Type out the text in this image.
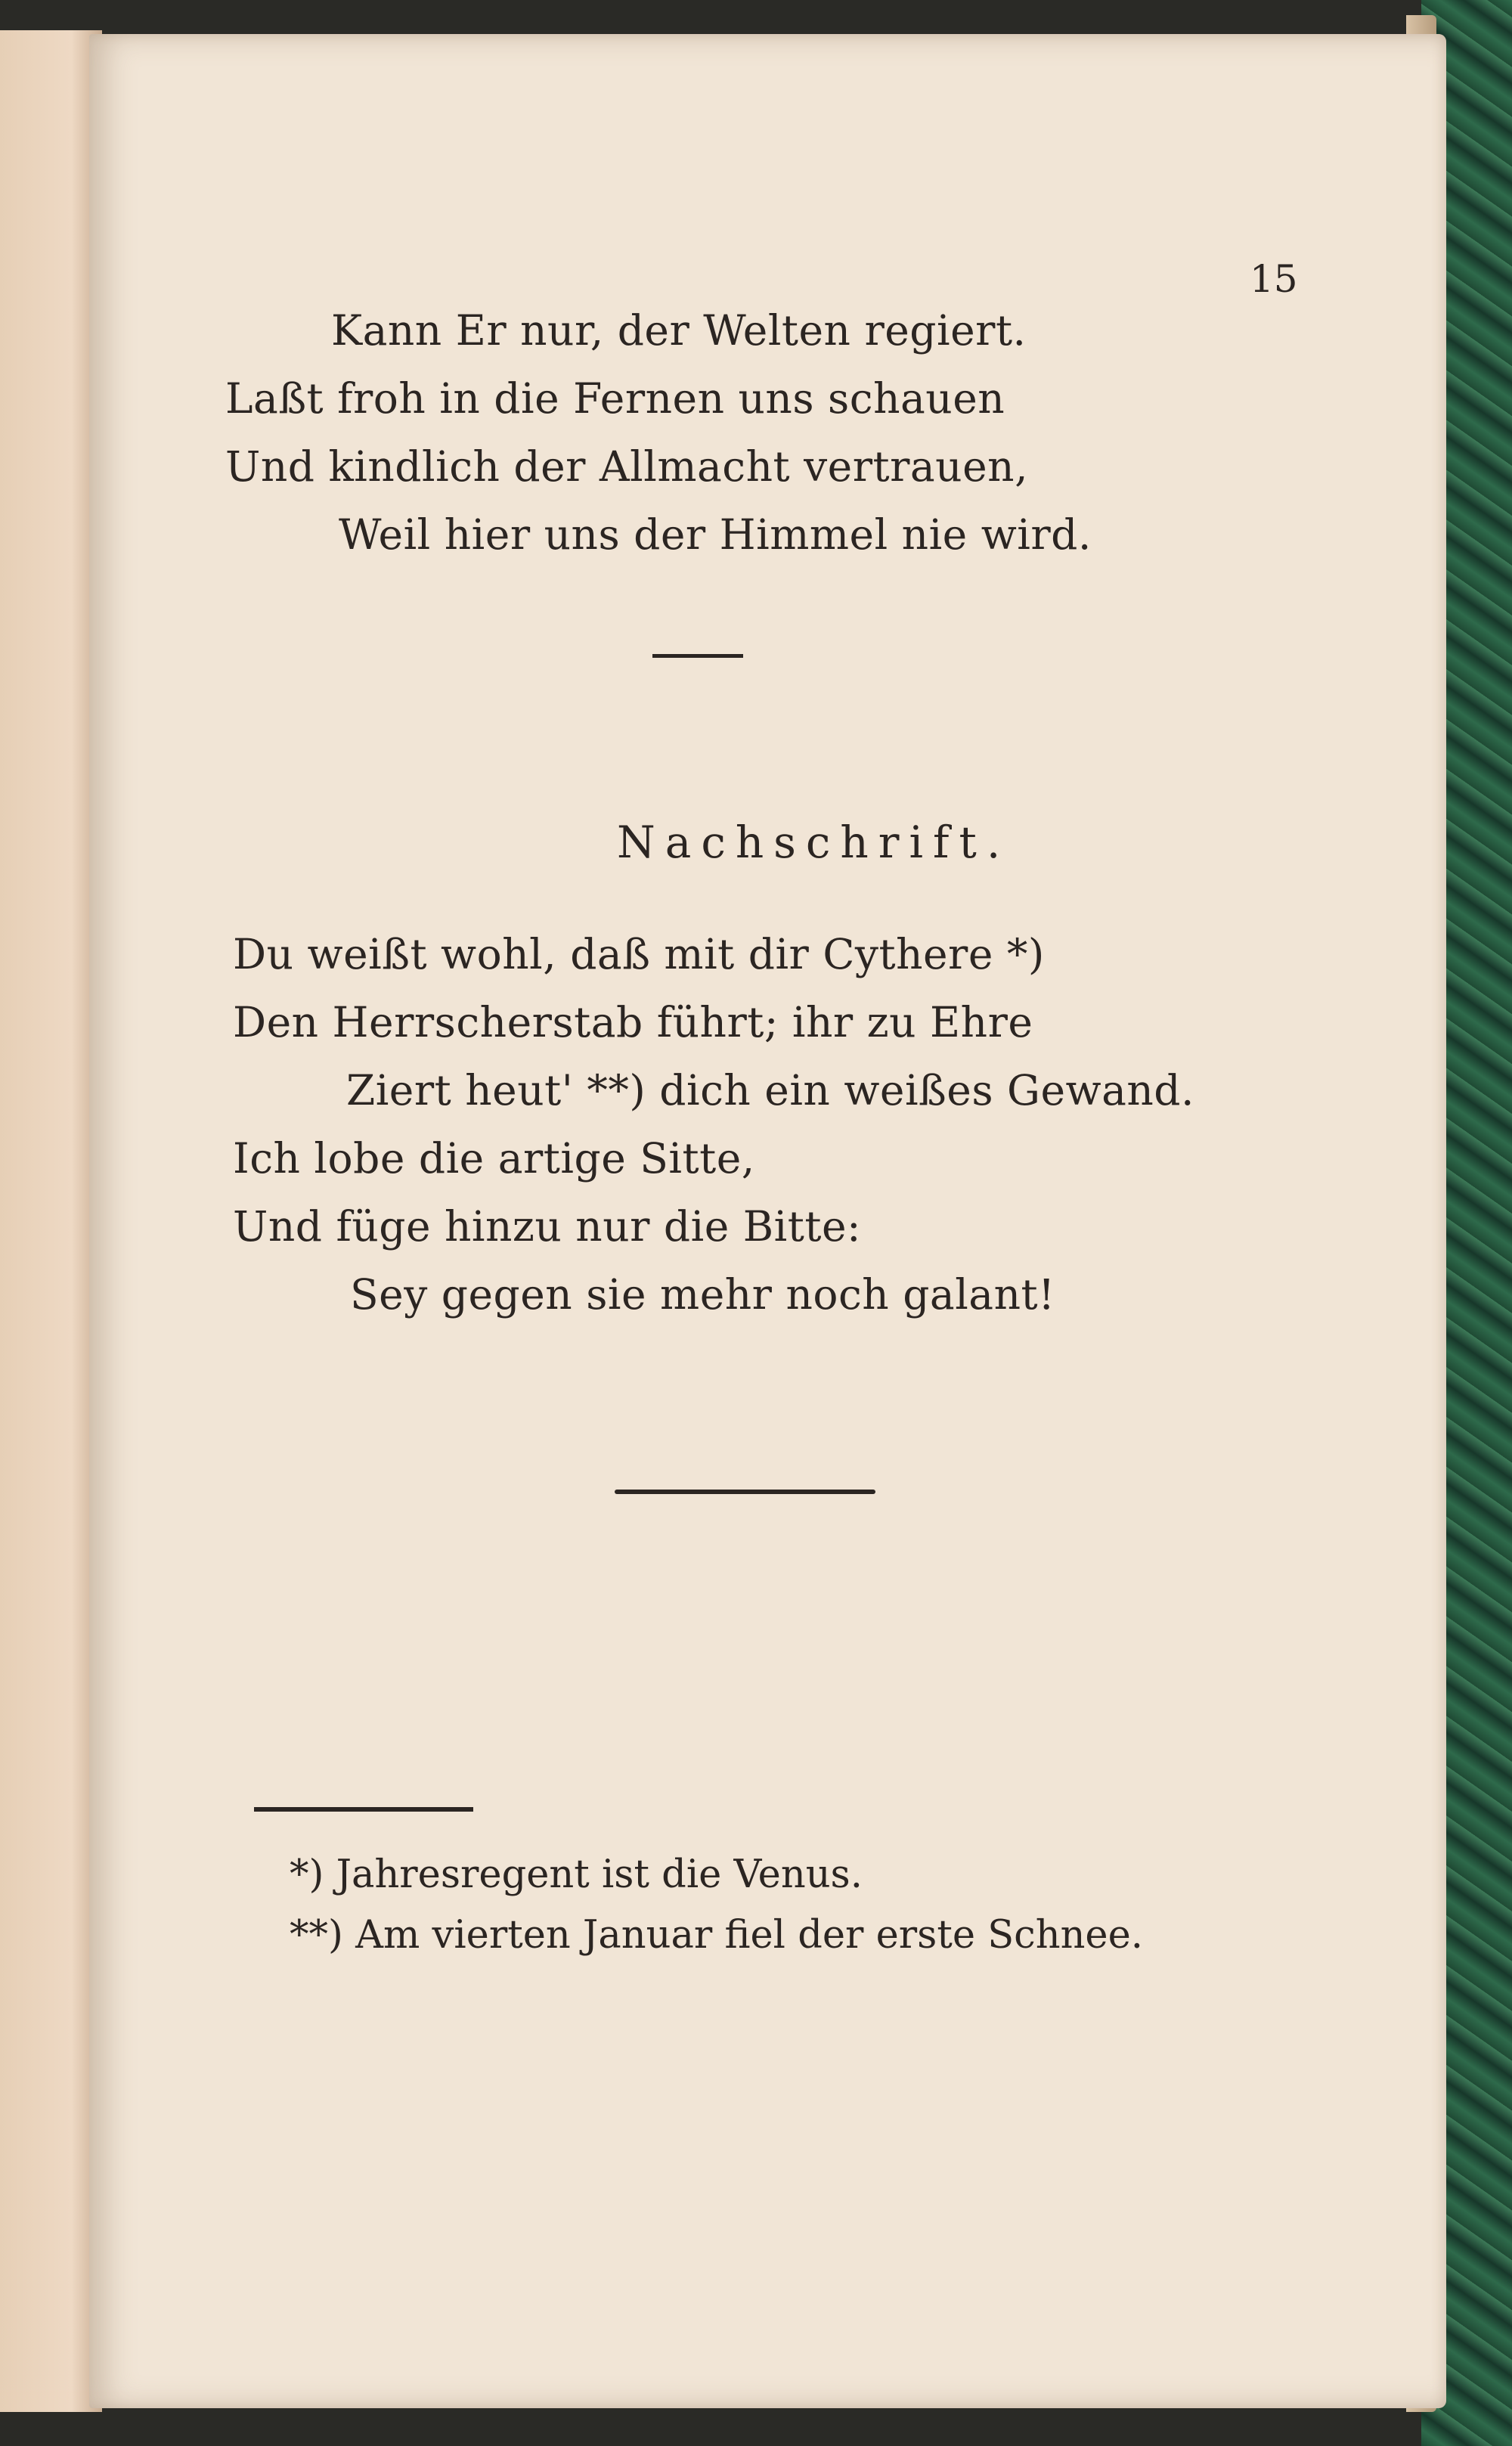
15
Kann Er nur, der Welten regiert.
Laßt froh in die Fernen uns schauen
Und kindlich der Allmacht vertrauen,
Weil hier uns der Himmel nie wird.
Nachschrift.
Du weißt wohl, daß mit dir Cythere *)
Den Herrscherstab führt; ihr zu Ehre
Ziert heut' **) dich ein weißes Gewand.
Ich lobe die artige Sitte,
Und füge hinzu nur die Bitte:
Sey gegen sie mehr noch galant!
*) Jahresregent ist die Venus.
**) Am vierten Januar fiel der erste Schnee.
